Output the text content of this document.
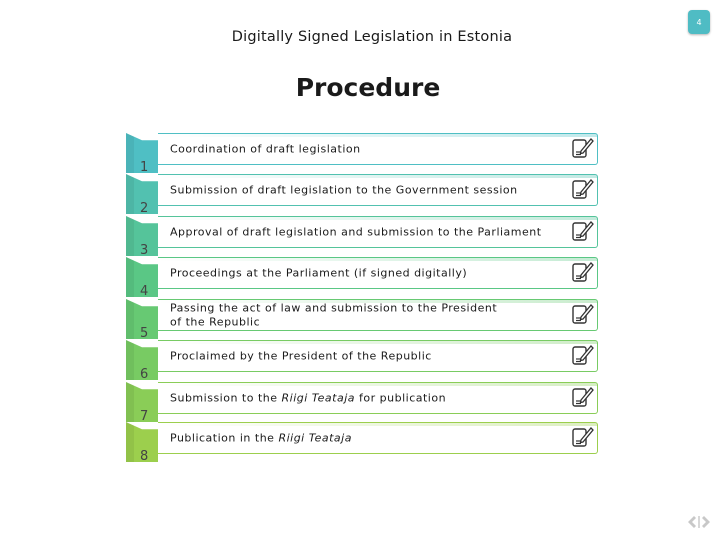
4
Digitally Signed Legislation in Estonia
Procedure
1
Coordination of draft legislation
2
Submission of draft legislation to the Government session
3
Approval of draft legislation and submission to the Parliament
4
Proceedings at the Parliament (if signed digitally)
5
Passing the act of law and submission to the President
of the Republic
6
Proclaimed by the President of the Republic
7
Submission to the Riigi Teataja for publication
8
Publication in the Riigi Teataja
